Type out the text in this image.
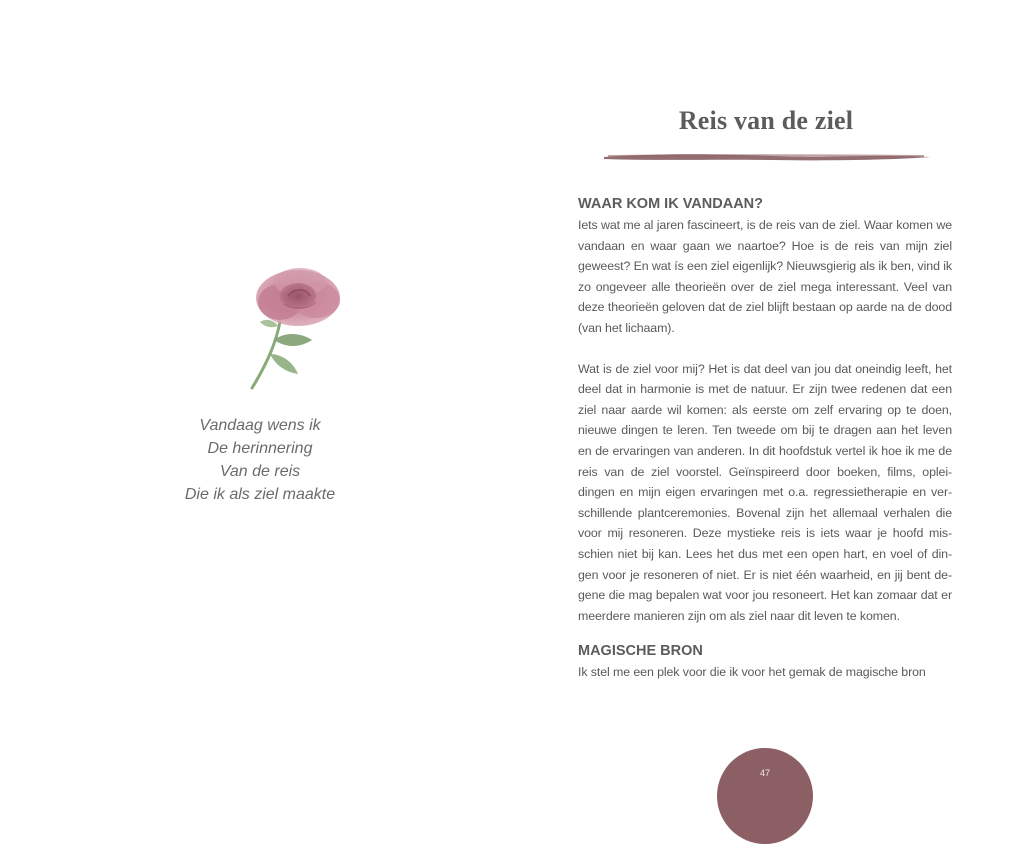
Vandaag wens ik
De herinnering
Van de reis
Die ik als ziel maakte
Reis van de ziel
WAAR KOM IK VANDAAN?

Iets wat me al jaren fascineert, is de reis van de ziel. Waar komen we vandaan en waar gaan we naartoe? Hoe is de reis van mijn ziel geweest? En wat ís een ziel eigenlijk? Nieuwsgierig als ik ben, vind ik zo ongeveer alle theorieën over de ziel mega interessant. Veel van deze theorieën geloven dat de ziel blijft bestaan op aarde na de dood (van het lichaam).

Wat is de ziel voor mij? Het is dat deel van jou dat oneindig leeft, het deel dat in harmonie is met de natuur. Er zijn twee redenen dat een ziel naar aarde wil komen: als eerste om zelf ervaring op te doen, nieuwe dingen te leren. Ten tweede om bij te dragen aan het leven en de ervaringen van anderen. In dit hoofdstuk vertel ik hoe ik me de reis van de ziel voorstel. Geïnspireerd door boeken, films, oplei-dingen en mijn eigen ervaringen met o.a. regressietherapie en ver-schillende plantceremonies. Bovenal zijn het allemaal verhalen die voor mij resoneren. Deze mystieke reis is iets waar je hoofd mis-schien niet bij kan. Lees het dus met een open hart, en voel of din-gen voor je resoneren of niet. Er is niet één waarheid, en jij bent de-gene die mag bepalen wat voor jou resoneert. Het kan zomaar dat er meerdere manieren zijn om als ziel naar dit leven te komen.

MAGISCHE BRON

Ik stel me een plek voor die ik voor het gemak de magische bron

47
